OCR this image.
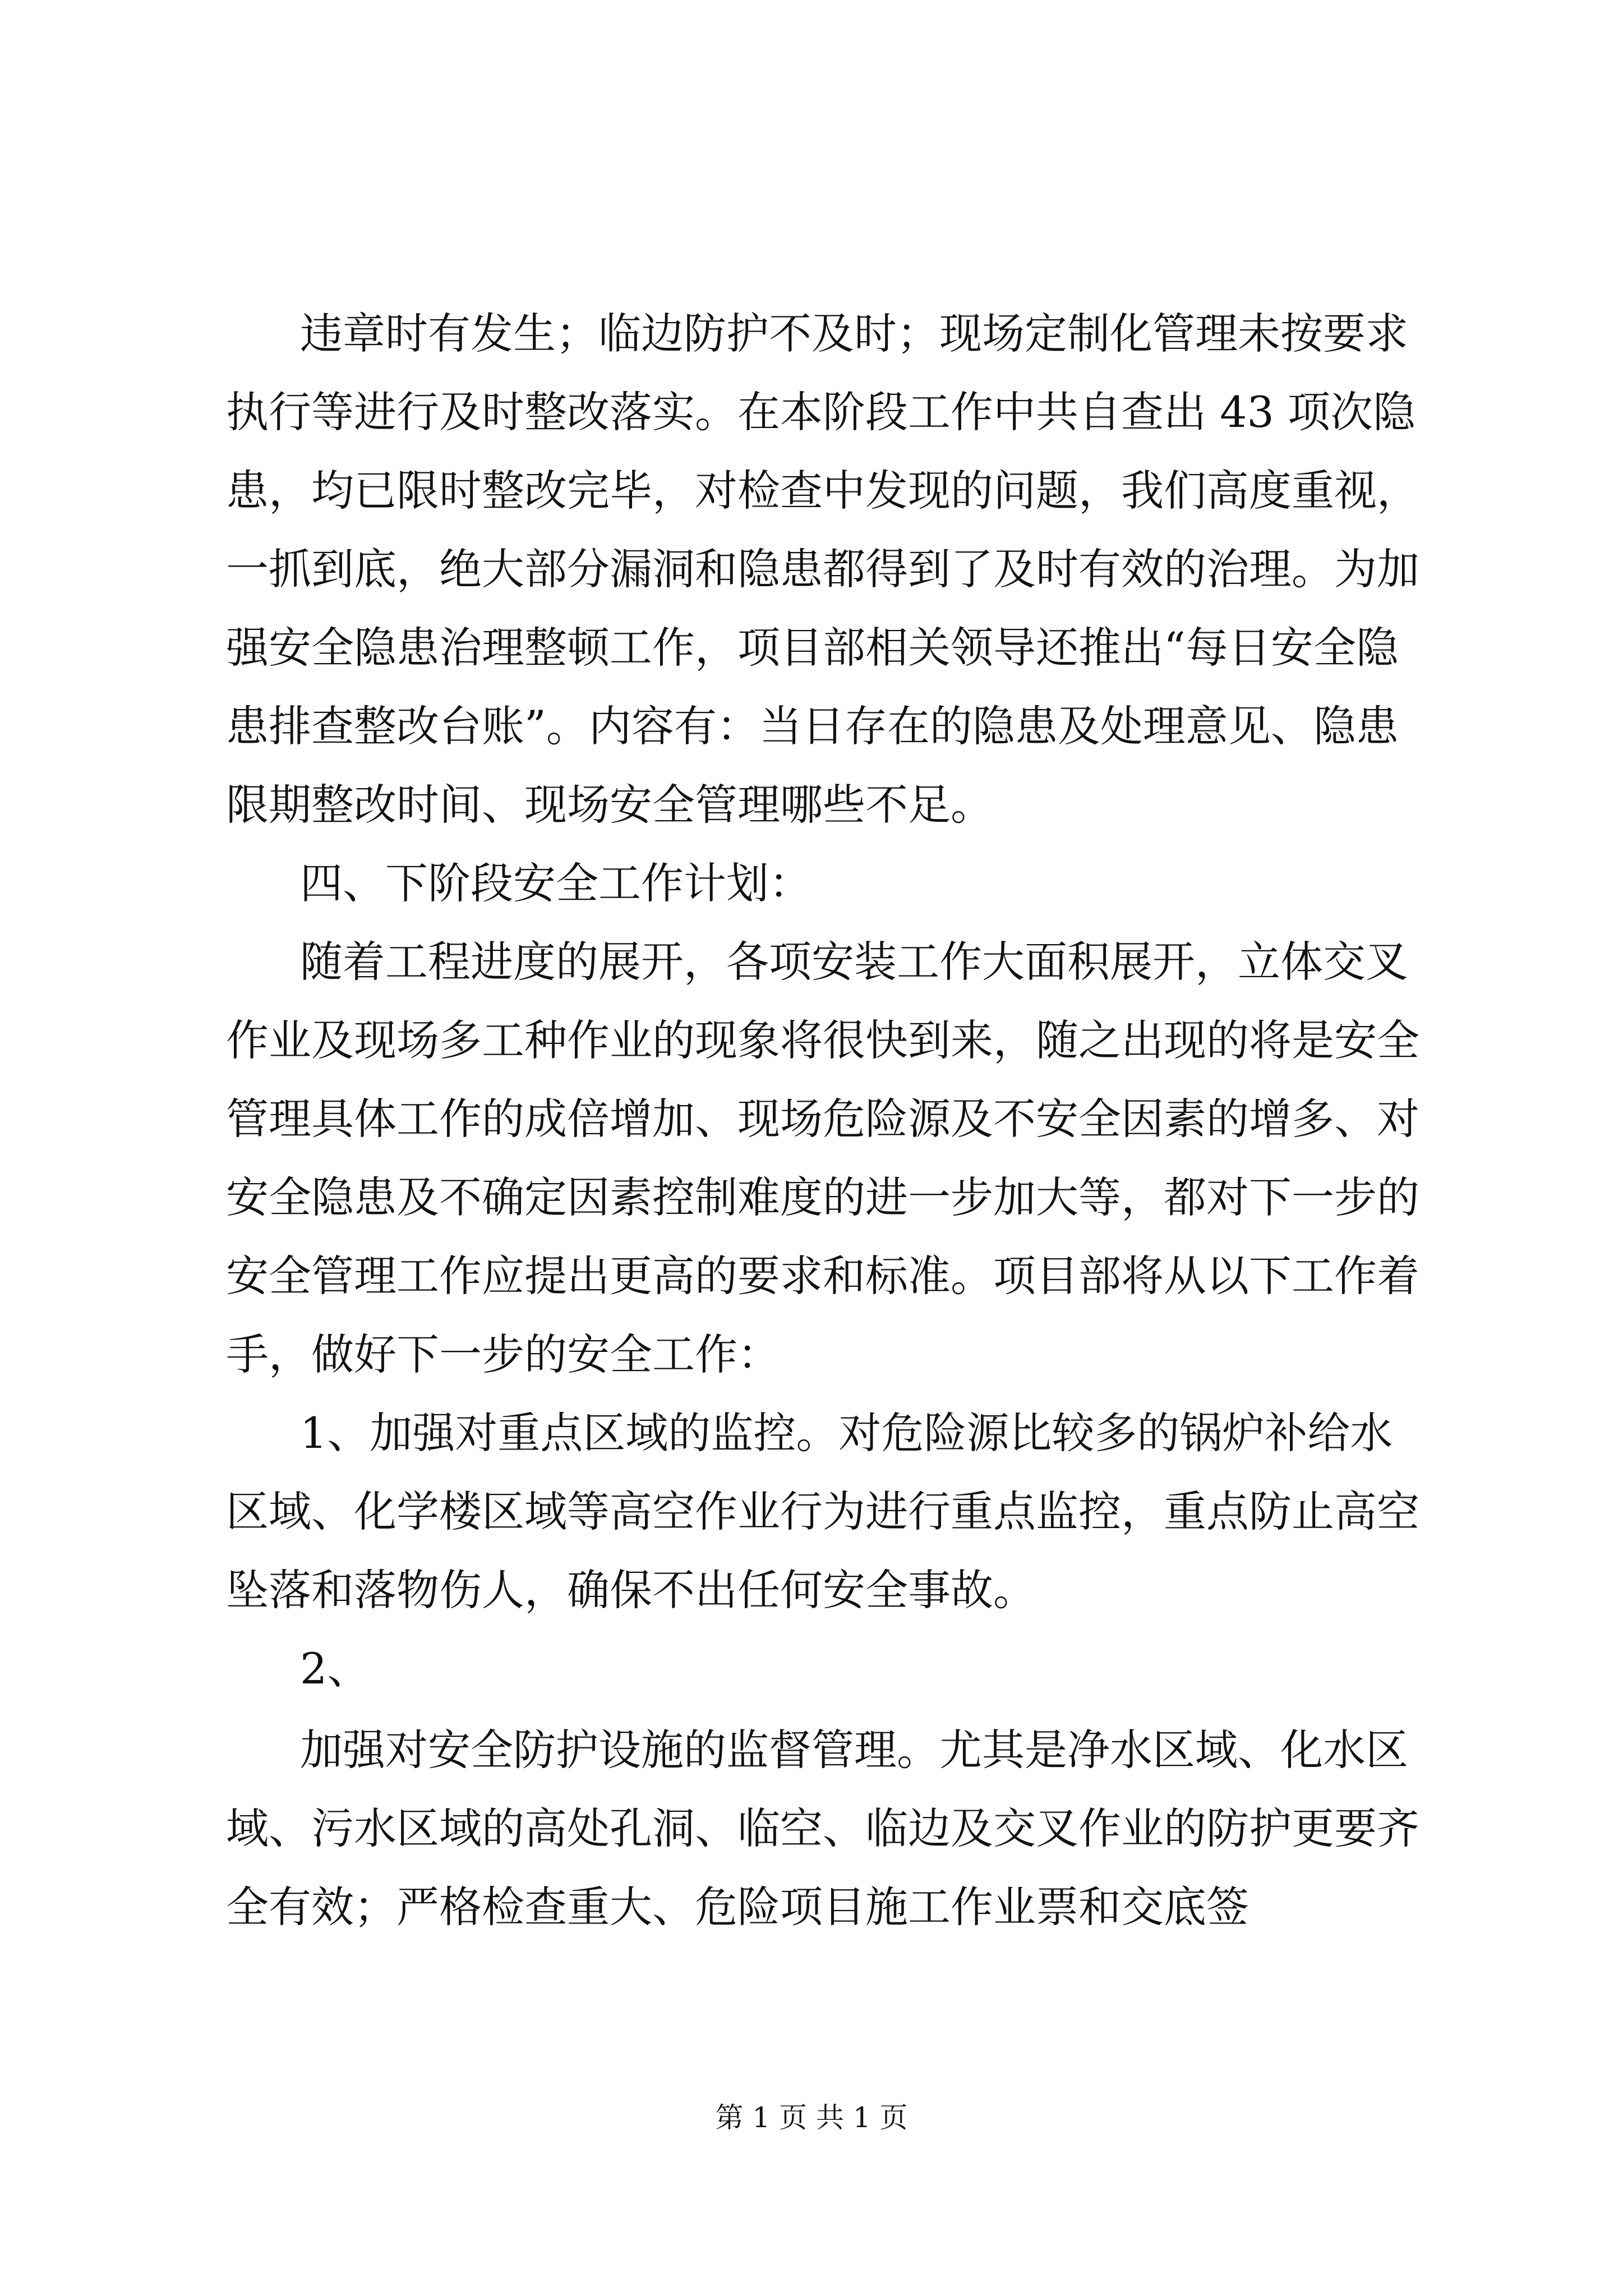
违章时有发生；临边防护不及时；现场定制化管理未按要求
执行等进行及时整改落实。在本阶段工作中共自查出 43 项次隐
患，均已限时整改完毕，对检查中发现的问题，我们高度重视，
一抓到底，绝大部分漏洞和隐患都得到了及时有效的治理。为加
强安全隐患治理整顿工作，项目部相关领导还推出“每日安全隐
患排查整改台账”。内容有：当日存在的隐患及处理意见、隐患
限期整改时间、现场安全管理哪些不足。
四、下阶段安全工作计划：
随着工程进度的展开，各项安装工作大面积展开，立体交叉
作业及现场多工种作业的现象将很快到来，随之出现的将是安全
管理具体工作的成倍增加、现场危险源及不安全因素的增多、对
安全隐患及不确定因素控制难度的进一步加大等，都对下一步的
安全管理工作应提出更高的要求和标准。项目部将从以下工作着
手，做好下一步的安全工作：
1、加强对重点区域的监控。对危险源比较多的锅炉补给水
区域、化学楼区域等高空作业行为进行重点监控，重点防止高空
坠落和落物伤人，确保不出任何安全事故。
2、
加强对安全防护设施的监督管理。尤其是净水区域、化水区
域、污水区域的高处孔洞、临空、临边及交叉作业的防护更要齐
全有效；严格检查重大、危险项目施工作业票和交底签
第 1 页 共 1 页
